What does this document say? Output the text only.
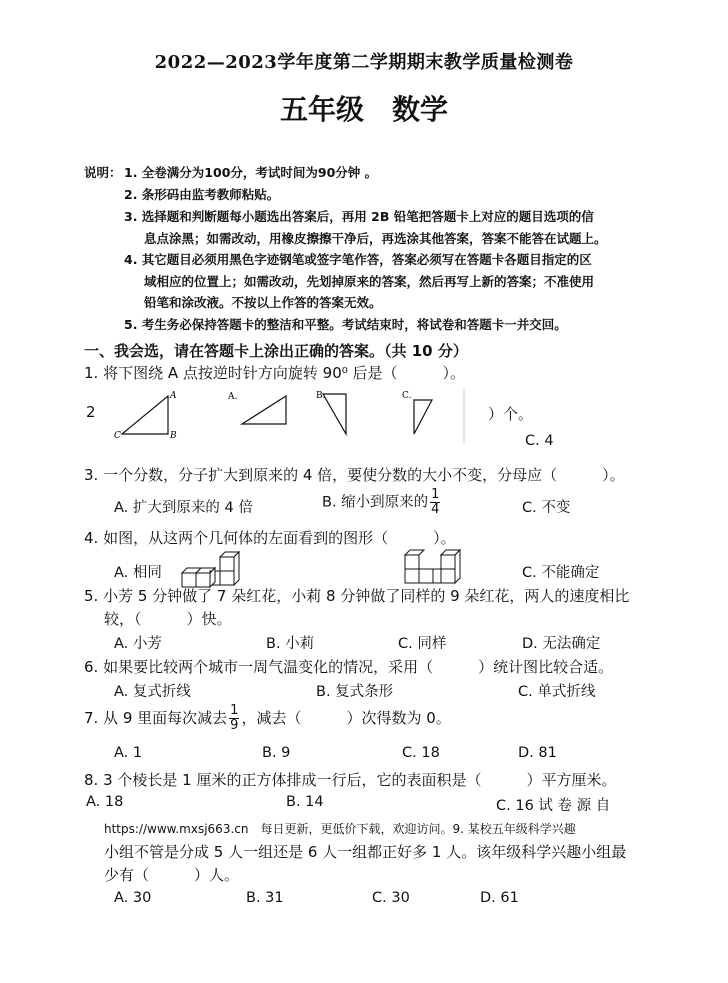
2022—2023学年度第二学期期末教学质量检测卷
五年级　数学
说明： 1. 全卷满分为100分，考试时间为90分钟 。
2. 条形码由监考教师粘贴。
3. 选择题和判断题每小题选出答案后，再用 2B 铅笔把答题卡上对应的题目选项的信
息点涂黑；如需改动，用橡皮擦擦干净后，再选涂其他答案，答案不能答在试题上。
4. 其它题目必须用黑色字迹钢笔或签字笔作答，答案必须写在答题卡各题目指定的区
域相应的位置上；如需改动，先划掉原来的答案，然后再写上新的答案；不准使用
铅笔和涂改液。不按以上作答的答案无效。
5. 考生务必保持答题卡的整洁和平整。考试结束时，将试卷和答题卡一并交回。
一、我会选，请在答题卡上涂出正确的答案。（共 10 分）
1. 将下图绕 A 点按逆时针方向旋转 90⁰ 后是（　　　）。
2
A
B
C
A.	B.	C.
）个。
C. 4
3. 一个分数，分子扩大到原来的 4 倍，要使分数的大小不变，分母应（　　　）。
A. 扩大到原来的 4 倍	B. 缩小到原来的 $\frac{1}{4}$	C. 不变
4. 如图，从这两个几何体的左面看到的图形（　　　）。
A. 相同	C. 不能确定
5. 小芳 5 分钟做了 7 朵红花，小莉 8 分钟做了同样的 9 朵红花，两人的速度相比
较，（　　　）快。
A. 小芳	B. 小莉	C. 同样	D. 无法确定
6. 如果要比较两个城市一周气温变化的情况，采用（　　　）统计图比较合适。
A. 复式折线	B. 复式条形	C. 单式折线
7. 从 9 里面每次减去 $\frac{1}{9}$ ，减去（　　　）次得数为 0。
A. 1	B. 9	C. 18	D. 81
8. 3 个棱长是 1 厘米的正方体排成一行后，它的表面积是（　　　）平方厘米。
A. 18	B. 14	C. 16 试 卷 源 自
https://www.mxsj663.cn　每日更新，更低价下载，欢迎访问。9. 某校五年级科学兴趣
小组不管是分成 5 人一组还是 6 人一组都正好多 1 人。该年级科学兴趣小组最
少有（　　　）人。
A. 30	B. 31	C. 30	D. 61
